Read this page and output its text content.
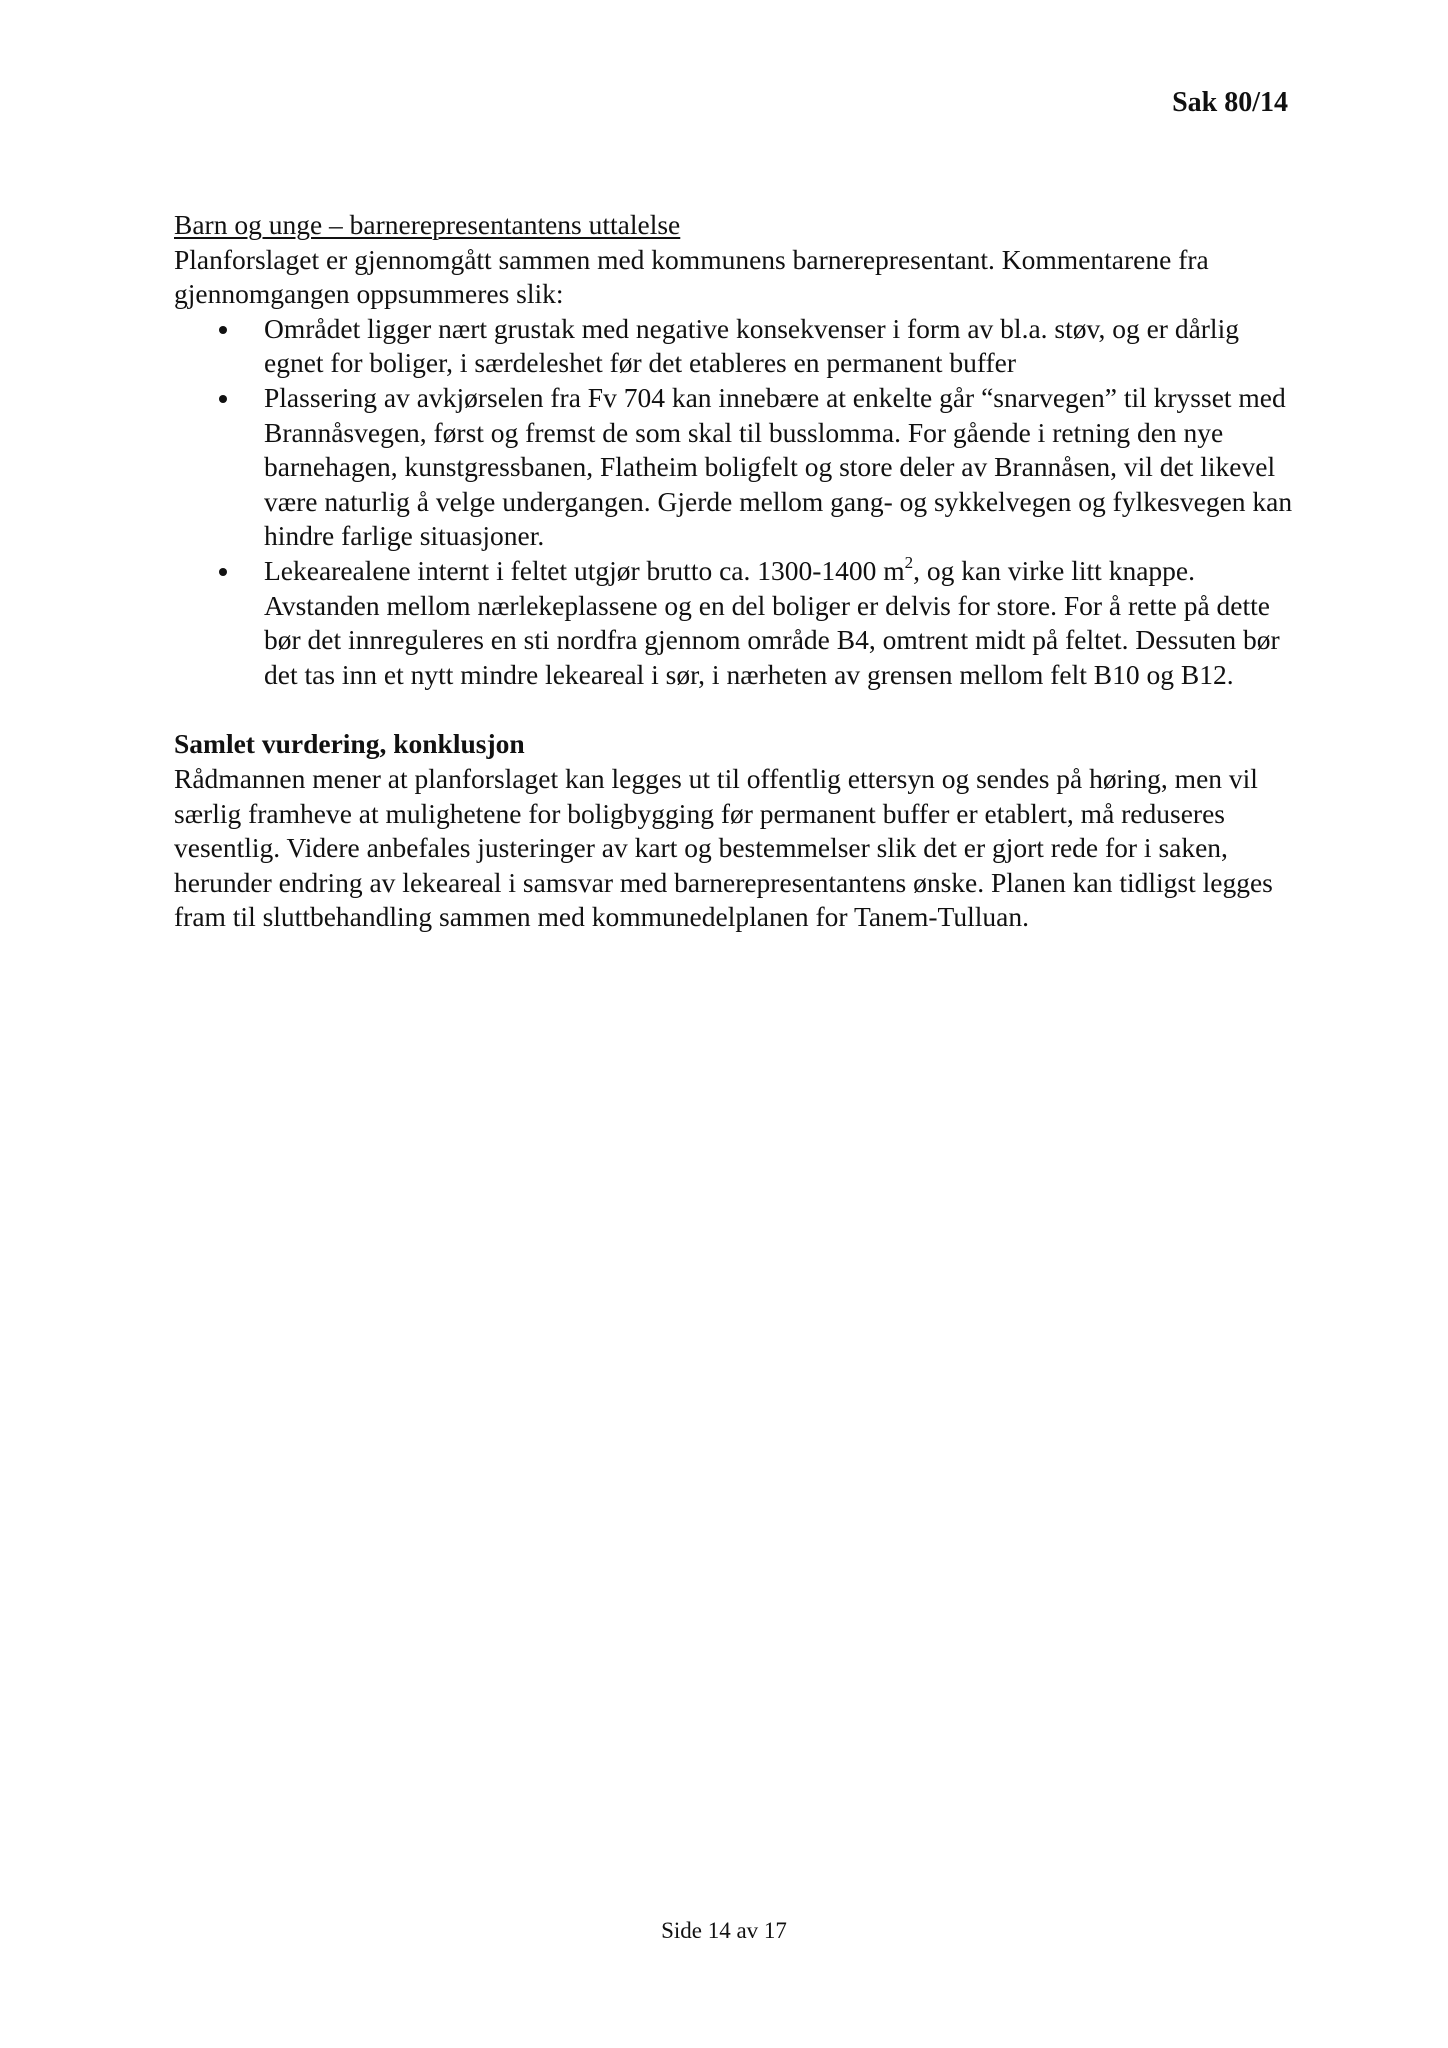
Sak 80/14
Barn og unge – barnerepresentantens uttalelse

Planforslaget er gjennomgått sammen med kommunens barnerepresentant. Kommentarene fra gjennomgangen oppsummeres slik:

Området ligger nært grustak med negative konsekvenser i form av bl.a. støv, og er dårlig egnet for boliger, i særdeleshet før det etableres en permanent buffer
Plassering av avkjørselen fra Fv 704 kan innebære at enkelte går “snarvegen” til krysset med Brannåsvegen, først og fremst de som skal til busslomma. For gående i retning den nye barnehagen, kunstgressbanen, Flatheim boligfelt og store deler av Brannåsen, vil det likevel være naturlig å velge undergangen. Gjerde mellom gang- og sykkelvegen og fylkesvegen kan hindre farlige situasjoner.
Lekearealene internt i feltet utgjør brutto ca. 1300-1400 $m^2$, og kan virke litt knappe. Avstanden mellom nærlekeplassene og en del boliger er delvis for store. For å rette på dette bør det innreguleres en sti nordfra gjennom område B4, omtrent midt på feltet. Dessuten bør det tas inn et nytt mindre lekeareal i sør, i nærheten av grensen mellom felt B10 og B12.
Samlet vurdering, konklusjon

Rådmannen mener at planforslaget kan legges ut til offentlig ettersyn og sendes på høring, men vil særlig framheve at mulighetene for boligbygging før permanent buffer er etablert, må reduseres vesentlig. Videre anbefales justeringer av kart og bestemmelser slik det er gjort rede for i saken, herunder endring av lekeareal i samsvar med barnerepresentantens ønske. Planen kan tidligst legges fram til sluttbehandling sammen med kommunedelplanen for Tanem-Tulluan.

Side 14 av 17
